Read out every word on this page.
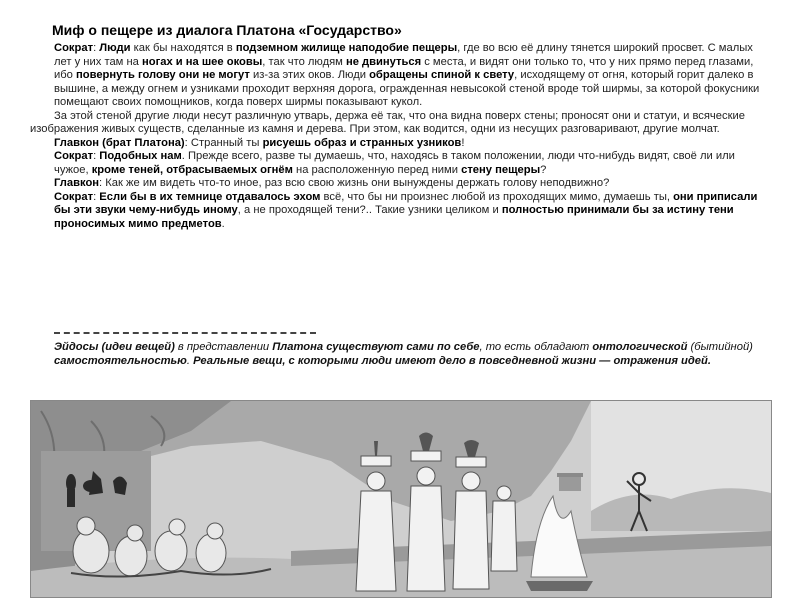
Миф о пещере из диалога Платона «Государство»

Сократ: Люди как бы находятся в подземном жилище наподобие пещеры, где во всю её длину тянется широкий просвет. С малых лет у них там на ногах и на шее оковы, так что людям не двинуться с места, и видят они только то, что у них прямо перед глазами, ибо повернуть голову они не могут из-за этих оков. Люди обращены спиной к свету, исходящему от огня, который горит далеко в вышине, а между огнем и узниками проходит верхняя дорога, огражденная невысокой стеной вроде той ширмы, за которой фокусники помещают своих помощников, когда поверх ширмы показывают кукол.

За этой стеной другие люди несут различную утварь, держа её так, что она видна поверх стены; проносят они и статуи, и всяческие изображения живых существ, сделанные из камня и дерева. При этом, как водится, одни из несущих разговаривают, другие молчат.

Главкон (брат Платона): Странный ты рисуешь образ и странных узников!

Сократ: Подобных нам. Прежде всего, разве ты думаешь, что, находясь в таком положении, люди что-нибудь видят, своё ли или чужое, кроме теней, отбрасываемых огнём на расположенную перед ними стену пещеры?

Главкон: Как же им видеть что-то иное, раз всю свою жизнь они вынуждены держать голову неподвижно?

Сократ: Если бы в их темнице отдавалось эхом всё, что бы ни произнес любой из проходящих мимо, думаешь ты, они приписали бы эти звуки чему-нибудь иному, а не проходящей тени?.. Такие узники целиком и полностью принимали бы за истину тени проносимых мимо предметов.

Эйдосы (идеи вещей) в представлении Платона существуют сами по себе, то есть обладают онтологической (бытийной) самостоятельностью. Реальные вещи, с которыми люди имеют дело в повседневной жизни — отражения идей.
